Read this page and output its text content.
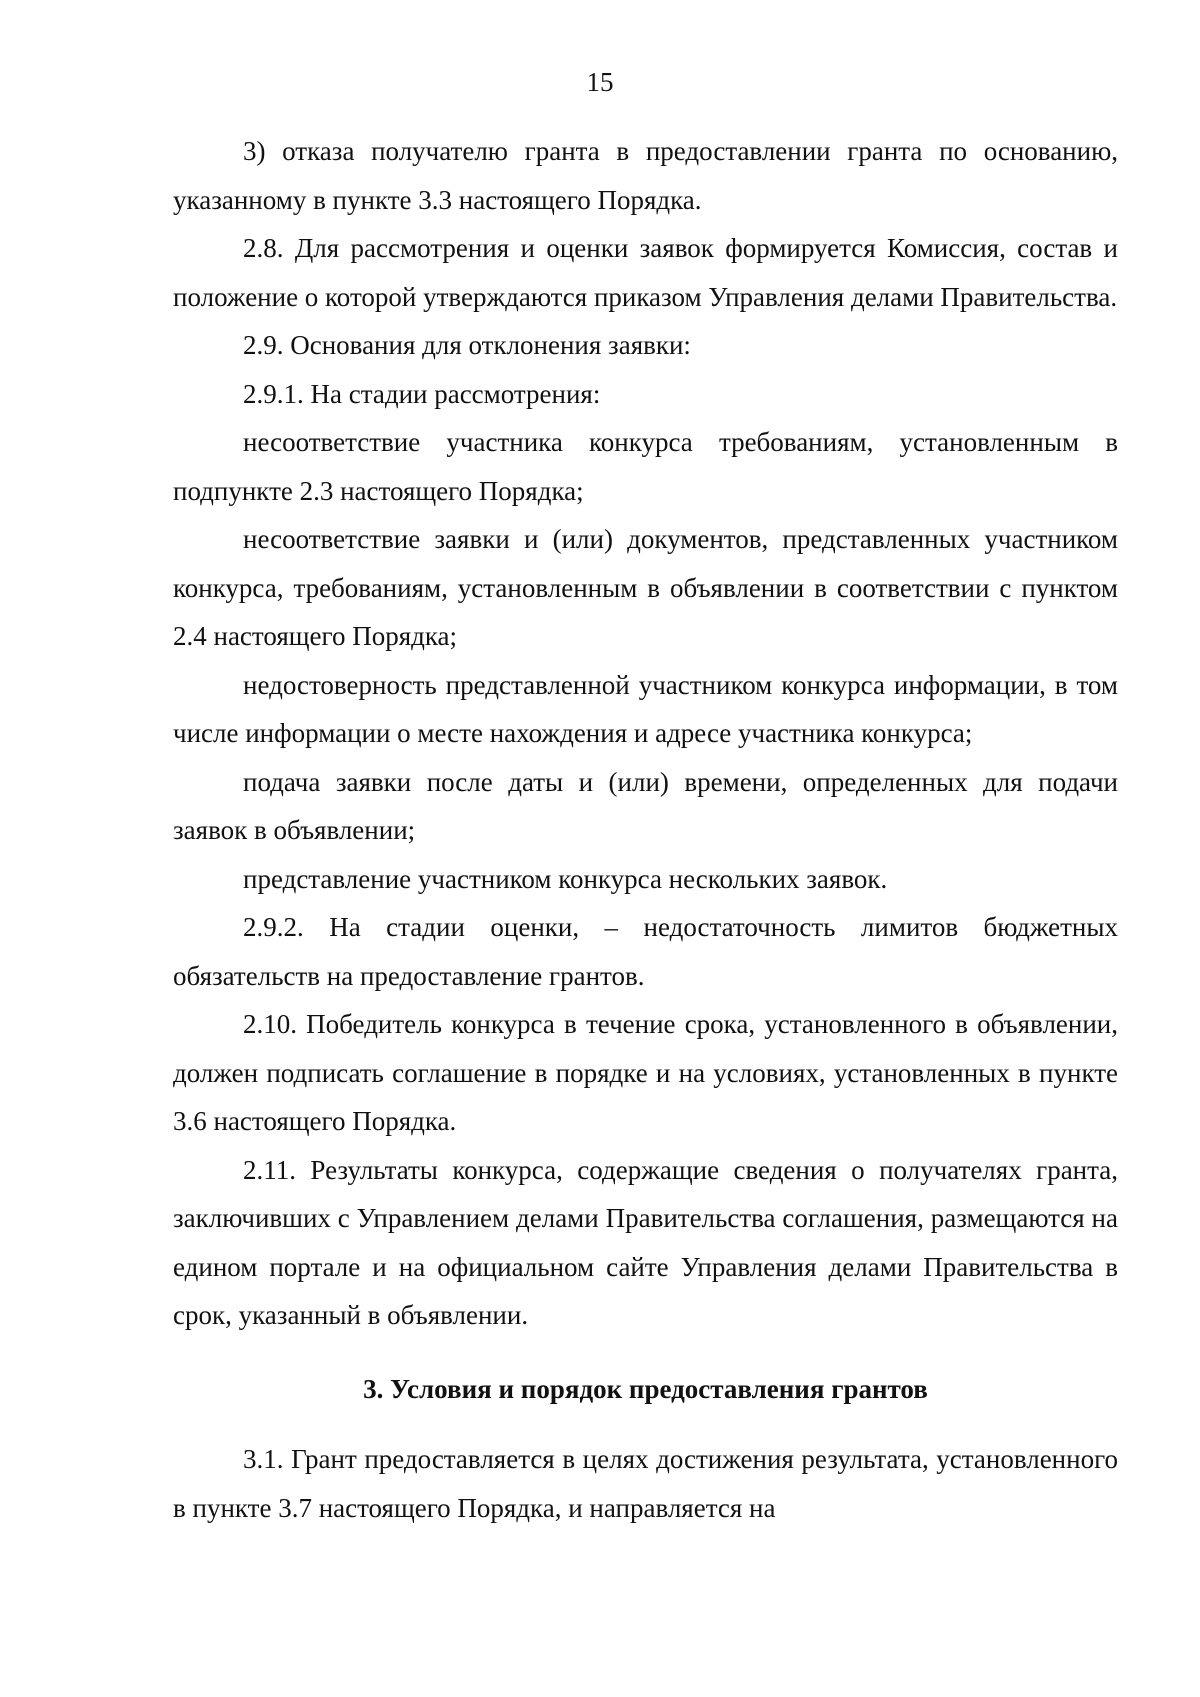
15

3) отказа получателю гранта в предоставлении гранта по основанию, указанному в пункте 3.3 настоящего Порядка.

2.8. Для рассмотрения и оценки заявок формируется Комиссия, состав и положение о которой утверждаются приказом Управления делами Правительства.

2.9. Основания для отклонения заявки:

2.9.1. На стадии рассмотрения:

несоответствие участника конкурса требованиям, установленным в подпункте 2.3 настоящего Порядка;

несоответствие заявки и (или) документов, представленных участником конкурса, требованиям, установленным в объявлении в соответствии с пунктом 2.4 настоящего Порядка;

недостоверность представленной участником конкурса информации, в том числе информации о месте нахождения и адресе участника конкурса;

подача заявки после даты и (или) времени, определенных для подачи заявок в объявлении;

представление участником конкурса нескольких заявок.

2.9.2. На стадии оценки, – недостаточность лимитов бюджетных обязательств на предоставление грантов.

2.10. Победитель конкурса в течение срока, установленного в объявлении, должен подписать соглашение в порядке и на условиях, установленных в пункте 3.6 настоящего Порядка.

2.11. Результаты конкурса, содержащие сведения о получателях гранта, заключивших с Управлением делами Правительства соглашения, размещаются на едином портале и на официальном сайте Управления делами Правительства в срок, указанный в объявлении.

3. Условия и порядок предоставления грантов

3.1. Грант предоставляется в целях достижения результата, установленного в пункте 3.7 настоящего Порядка, и направляется на
